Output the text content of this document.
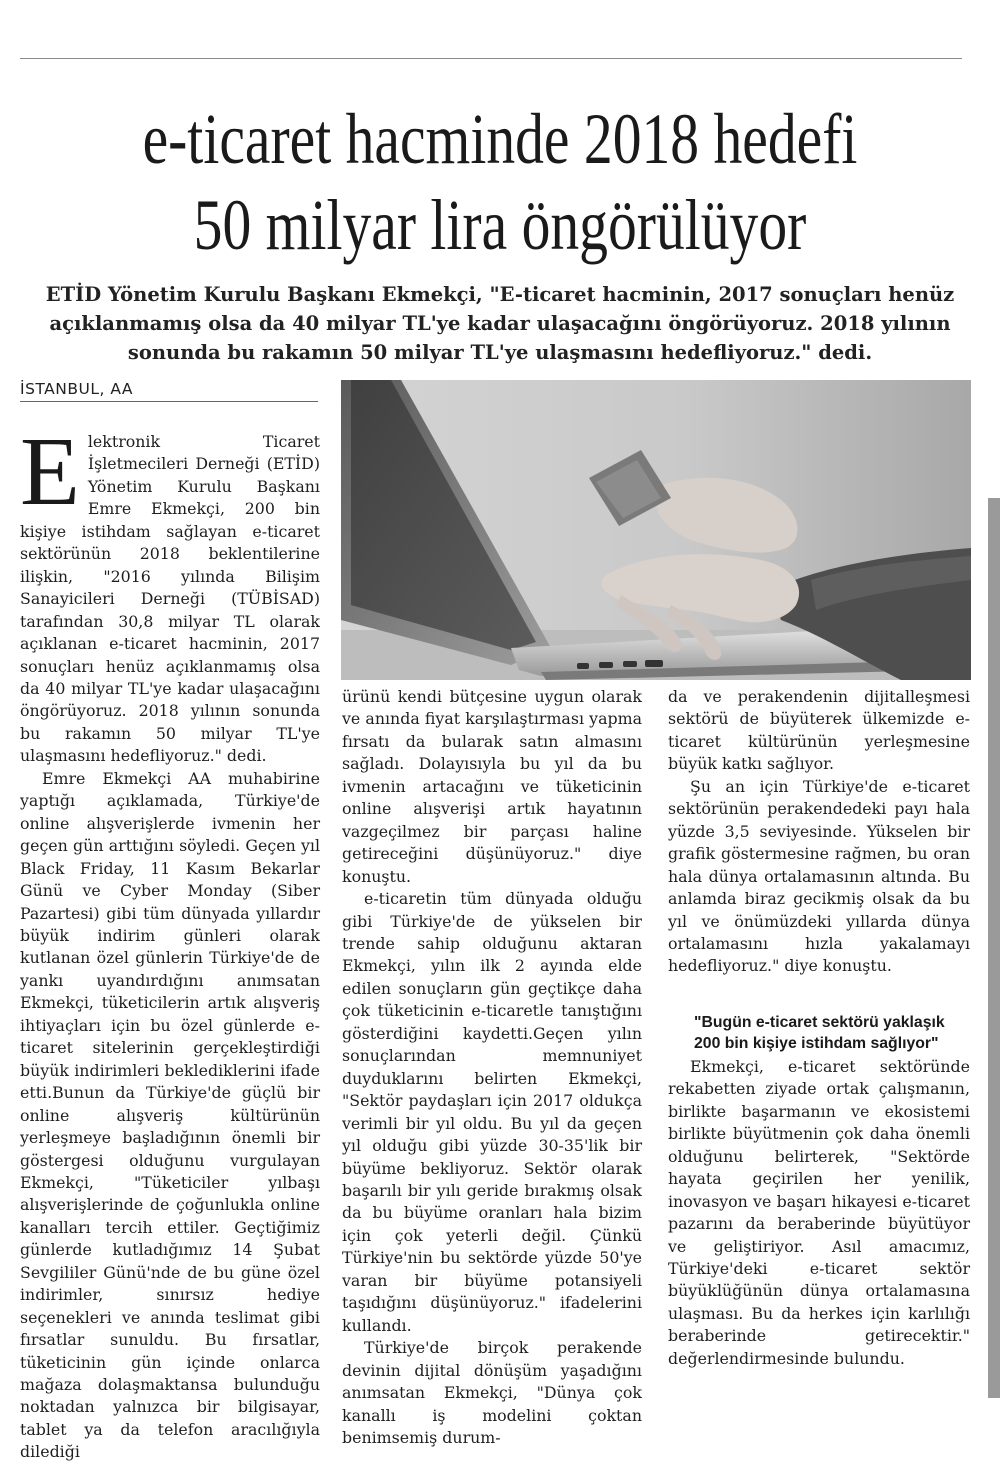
e-ticaret hacminde 2018 hedefi
50 milyar lira öngörülüyor
ETİD Yönetim Kurulu Başkanı Ekmekçi, "E-ticaret hacminin, 2017 sonuçları henüz açıklanmamış olsa da 40 milyar TL'ye kadar ulaşacağını öngörüyoruz. 2018 yılının sonunda bu rakamın 50 milyar TL'ye ulaşmasını hedefliyoruz." dedi.
İSTANBUL, AA

Elektronik Ticaret İşletmecileri Derneği (ETİD) Yönetim Kurulu Başkanı Emre Ekmekçi, 200 bin kişiye istihdam sağlayan e-ticaret sektörünün 2018 beklentilerine ilişkin, "2016 yılında Bilişim Sanayicileri Derneği (TÜBİSAD) tarafından 30,8 milyar TL olarak açıklanan e-ticaret hacminin, 2017 sonuçları henüz açıklanmamış olsa da 40 milyar TL'ye kadar ulaşacağını öngörüyoruz. 2018 yılının sonunda bu rakamın 50 milyar TL'ye ulaşmasını hedefliyoruz." dedi.

Emre Ekmekçi AA muhabirine yaptığı açıklamada, Türkiye'de online alışverişlerde ivmenin her geçen gün arttığını söyledi. Geçen yıl Black Friday, 11 Kasım Bekarlar Günü ve Cyber Monday (Siber Pazartesi) gibi tüm dünyada yıllardır büyük indirim günleri olarak kutlanan özel günlerin Türkiye'de de yankı uyandırdığını anımsatan Ekmekçi, tüketicilerin artık alışveriş ihtiyaçları için bu özel günlerde e-ticaret sitelerinin gerçekleştirdiği büyük indirimleri beklediklerini ifade etti.Bunun da Türkiye'de güçlü bir online alışveriş kültürünün yerleşmeye başladığının önemli bir göstergesi olduğunu vurgulayan Ekmekçi, "Tüketiciler yılbaşı alışverişlerinde de çoğunlukla online kanalları tercih ettiler. Geçtiğimiz günlerde kutladığımız 14 Şubat Sevgililer Günü'nde de bu güne özel indirimler, sınırsız hediye seçenekleri ve anında teslimat gibi fırsatlar sunuldu. Bu fırsatlar, tüketicinin gün içinde onlarca mağaza dolaşmaktansa bulunduğu noktadan yalnızca bir bilgisayar, tablet ya da telefon aracılığıyla dilediği

ürünü kendi bütçesine uygun olarak ve anında fiyat karşılaştırması yapma fırsatı da bularak satın almasını sağladı. Dolayısıyla bu yıl da bu ivmenin artacağını ve tüketicinin online alışverişi artık hayatının vazgeçilmez bir parçası haline getireceğini düşünüyoruz." diye konuştu.

e-ticaretin tüm dünyada olduğu gibi Türkiye'de de yükselen bir trende sahip olduğunu aktaran Ekmekçi, yılın ilk 2 ayında elde edilen sonuçların gün geçtikçe daha çok tüketicinin e-ticaretle tanıştığını gösterdiğini kaydetti.Geçen yılın sonuçlarından memnuniyet duyduklarını belirten Ekmekçi, "Sektör paydaşları için 2017 oldukça verimli bir yıl oldu. Bu yıl da geçen yıl olduğu gibi yüzde 30-35'lik bir büyüme bekliyoruz. Sektör olarak başarılı bir yılı geride bırakmış olsak da bu büyüme oranları hala bizim için çok yeterli değil. Çünkü Türkiye'nin bu sektörde yüzde 50'ye varan bir büyüme potansiyeli taşıdığını düşünüyoruz." ifadelerini kullandı.

Türkiye'de birçok perakende devinin dijital dönüşüm yaşadığını anımsatan Ekmekçi, "Dünya çok kanallı iş modelini çoktan benimsemiş durum-

da ve perakendenin dijitalleşmesi sektörü de büyüterek ülkemizde e-ticaret kültürünün yerleşmesine büyük katkı sağlıyor.

Şu an için Türkiye'de e-ticaret sektörünün perakendedeki payı hala yüzde 3,5 seviyesinde. Yükselen bir grafik göstermesine rağmen, bu oran hala dünya ortalamasının altında. Bu anlamda biraz gecikmiş olsak da bu yıl ve önümüzdeki yıllarda dünya ortalamasını hızla yakalamayı hedefliyoruz." diye konuştu.

"Bugün e-ticaret sektörü yaklaşık 200 bin kişiye istihdam sağlıyor"

Ekmekçi, e-ticaret sektöründe rekabetten ziyade ortak çalışmanın, birlikte başarmanın ve ekosistemi birlikte büyütmenin çok daha önemli olduğunu belirterek, "Sektörde hayata geçirilen her yenilik, inovasyon ve başarı hikayesi e-ticaret pazarını da beraberinde büyütüyor ve geliştiriyor. Asıl amacımız, Türkiye'deki e-ticaret sektör büyüklüğünün dünya ortalamasına ulaşması. Bu da herkes için karlılığı beraberinde getirecektir." değerlendirmesinde bulundu.
